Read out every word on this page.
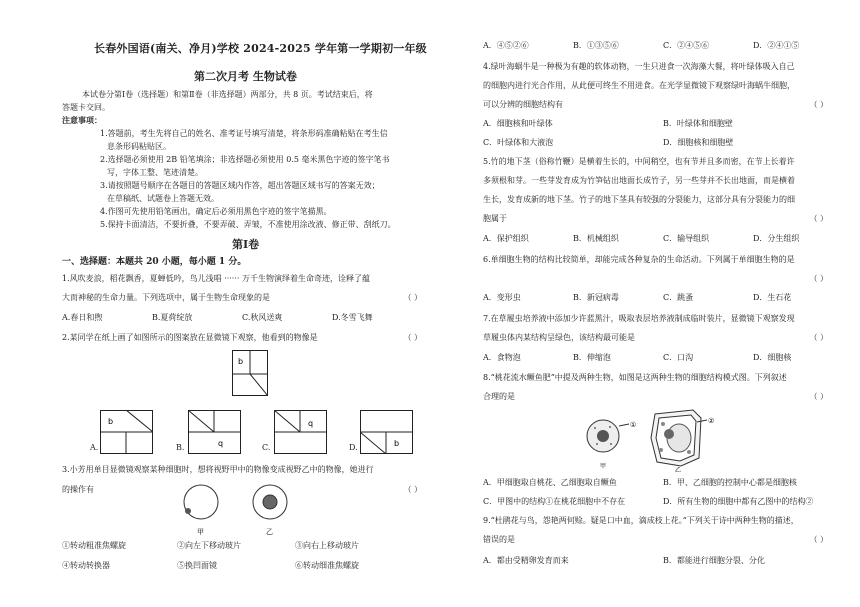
长春外国语(南关、净月)学校 2024-2025 学年第一学期初一年级
第二次月考 生物试卷
本试卷分第Ⅰ卷（选择题）和第Ⅱ卷（非选择题）两部分，共 8 页。考试结束后，将
答题卡交回。
注意事项：
1.答题前，考生先将自己的姓名、准考证号填写清楚，将条形码准确粘贴在考生信
息条形码粘贴区。
2.选择题必须使用 2B 铅笔填涂；非选择题必须使用 0.5 毫米黑色字迹的签字笔书
写，字体工整、笔迹清楚。
3.请按照题号顺序在各题目的答题区域内作答，超出答题区域书写的答案无效；
在草稿纸、试题卷上答题无效。
4.作图可先使用铅笔画出，确定后必须用黑色字迹的签字笔描黑。
5.保持卡面清洁，不要折叠，不要弄破、弄皱，不准使用涂改液、修正带、刮纸刀。
第Ⅰ卷
一、选择题：本题共 20 小题，每小题 1 分。
1.风吹麦浪，稻花飘香，夏蝉低吟，鸟儿浅唱 ······ 万千生物演绎着生命奇迹，诠释了蕴
大而神秘的生命力量。下列选项中，属于生物生命现象的是	（ ）
A.春日和煦	B.夏荷绽放	C.秋风送爽	D.冬雪飞舞
2.某同学在纸上画了如图所示的图案放在显微镜下观察，他看到的物像是	（ ）
b
A.
b
B.	q	C.
q
D.	b
3.小芳用单目显微镜观察某种细胞时，想将视野甲中的物像变成视野乙中的物像，她进行
的操作有	（ ）
甲	乙
①转动粗准焦螺旋	②向左下移动玻片	③向右上移动玻片
④转动转换器	⑤换凹面镜	⑥转动细准焦螺旋
A．④⑤②⑥	B．①③⑤⑥	C．②④⑤⑥	D．②④①⑤
4.绿叶海蜗牛是一种极为有趣的软体动物，一生只进食一次海藻大餐，将叶绿体吸入自己
的细胞内进行光合作用，从此便可终生不用进食。在光学显微镜下观察绿叶海蜗牛细胞，
可以分辨的细胞结构有	（ ）
A．细胞核和叶绿体	B．叶绿体和细胞壁
C．叶绿体和大液泡	D．细胞核和细胞壁
5.竹的地下茎（俗称竹鞭）是横着生长的，中间稍空，也有节并且多而密，在节上长着许
多须根和芽。一些芽发育成为竹笋钻出地面长成竹子，另一些芽并不长出地面，而是横着
生长，发育成新的地下茎。竹子的地下茎具有较强的分裂能力，这部分具有分裂能力的细
胞属于	（ ）
A．保护组织	B．机械组织	C．输导组织	D．分生组织
6.单细胞生物的结构比较简单，却能完成各种复杂的生命活动。下列属于单细胞生物的是
（ ）
A．变形虫	B．新冠病毒	C．跳蚤	D．生石花
7.在草履虫培养液中添加少许蓝黑汁，吸取表层培养液制成临时装片，显微镜下观察发现
草履虫体内某结构呈绿色，该结构最可能是	（ ）
A．食物泡	B．伸缩泡	C．口沟	D．细胞核
8.“桃花流水鳜鱼肥”中提及两种生物，如图是这两种生物的细胞结构模式图。下列叙述
合理的是	（ ）
①
甲
②
乙
A．甲细胞取自桃花、乙细胞取自鳜鱼	B．甲、乙细胞的控制中心都是细胞核
C．甲图中的结构①在桃花细胞中不存在	D．所有生物的细胞中都有乙图中的结构②
9.“杜鹃花与鸟，怨艳两何赊。疑是口中血，滴成枝上花。”下列关于诗中两种生物的描述，
错误的是	（ ）
A．都由受精卵发育而来	B．都能进行细胞分裂、分化
